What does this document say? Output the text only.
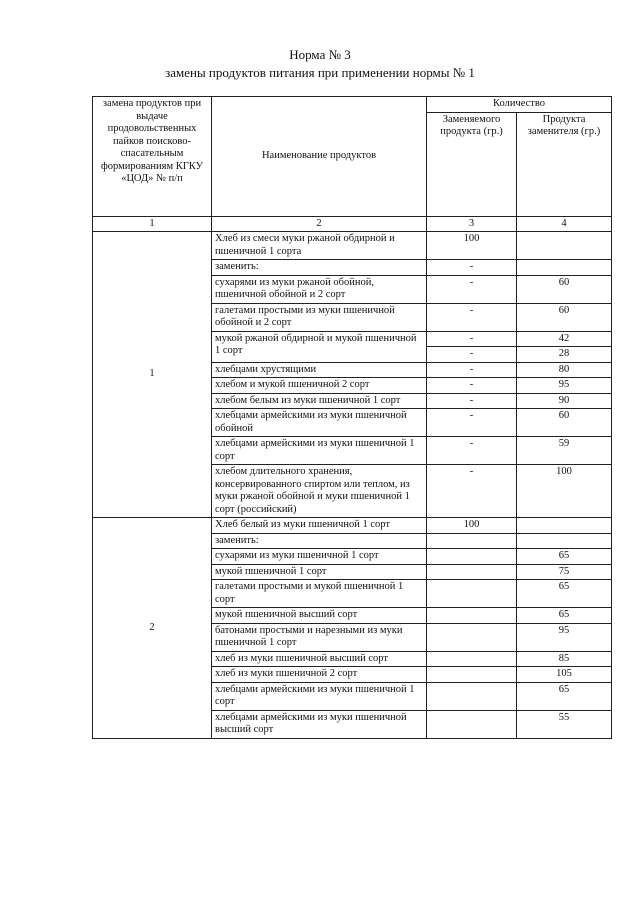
Норма № 3
замены продуктов питания при применении нормы № 1
замена продуктов при выдаче продовольственных пайков поисково-спасательным формированиям КГКУ «ЦОД» № п/п	Наименование продуктов	Количество	
		Заменяемого продукта (гр.)	Продукта заменителя (гр.)
1	2	3	4
1	Хлеб из смеси муки ржаной обдирной и пшеничной 1 сорта	100	
	заменить:	-	
	сухарями из муки ржаной обойной, пшеничной обойной и 2 сорт	-	60
	галетами простыми из муки пшеничной обойной и 2 сорт	-	60
	мукой ржаной обдирной и мукой пшеничной 1 сорт	-	42
		-	28
	хлебцами хрустящими	-	80
	хлебом и мукой пшеничной 2 сорт	-	95
	хлебом белым из муки пшеничной 1 сорт	-	90
	хлебцами армейскими из муки пшеничной обойной	-	60
	хлебцами армейскими из муки пшеничной 1 сорт	-	59
	хлебом длительного хранения, консервированного спиртом или теплом, из муки ржаной обойной и муки пшеничной 1 сорт (российский)	-	100
2	Хлеб белый из муки пшеничной 1 сорт	100	
	заменить:		
	сухарями из муки пшеничной 1 сорт		65
	мукой пшеничной 1 сорт		75
	галетами простыми и мукой пшеничной 1 сорт		65
	мукой пшеничной высший сорт		65
	батонами простыми и нарезными из муки пшеничной 1 сорт		95
	хлеб из муки пшеничной высший сорт		85
	хлеб из муки пшеничной 2 сорт		105
	хлебцами армейскими из муки пшеничной 1 сорт		65
	хлебцами армейскими из муки пшеничной высший сорт		55
